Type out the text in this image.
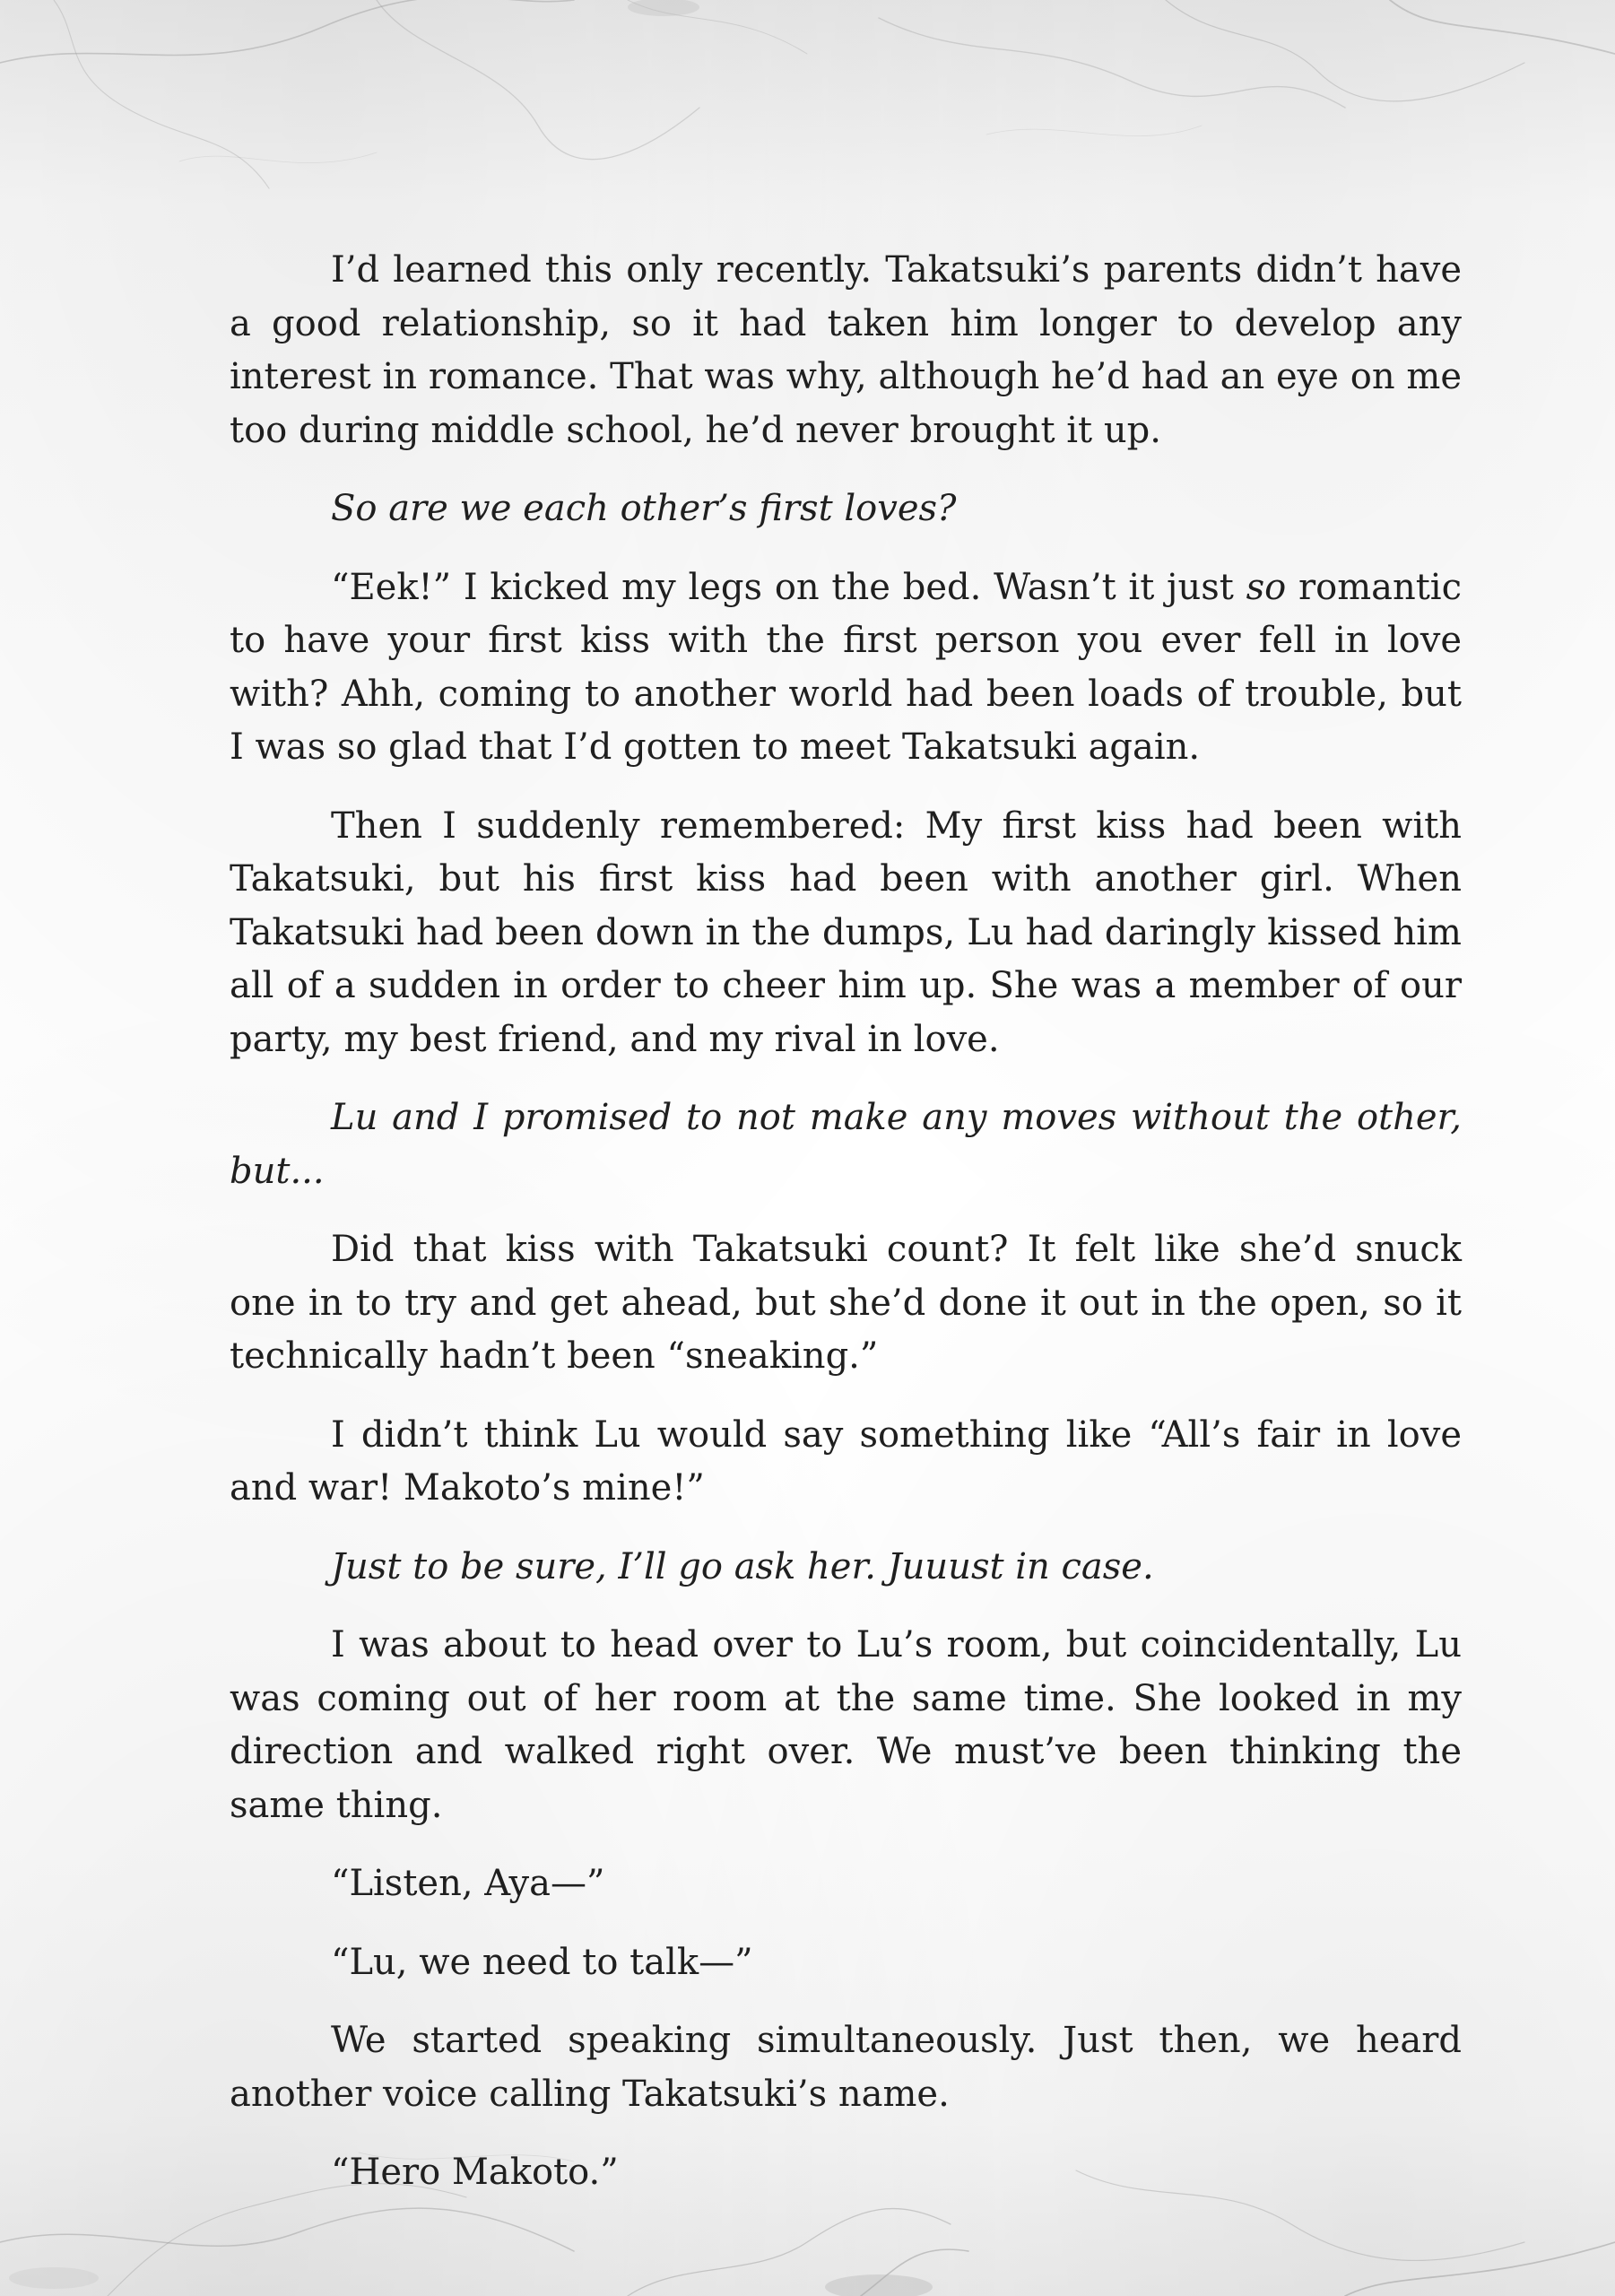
I’d learned this only recently. Takatsuki’s parents didn’t have a good relationship, so it had taken him longer to develop any interest in romance. That was why, although he’d had an eye on me too during middle school, he’d never brought it up.

So are we each other’s first loves?

“Eek!” I kicked my legs on the bed. Wasn’t it just so romantic to have your first kiss with the first person you ever fell in love with? Ahh, coming to another world had been loads of trouble, but I was so glad that I’d gotten to meet Takatsuki again.

Then I suddenly remembered: My first kiss had been with Takatsuki, but his first kiss had been with another girl. When Takatsuki had been down in the dumps, Lu had daringly kissed him all of a sudden in order to cheer him up. She was a member of our party, my best friend, and my rival in love.

Lu and I promised to not make any moves without the other, but...

Did that kiss with Takatsuki count? It felt like she’d snuck one in to try and get ahead, but she’d done it out in the open, so it technically hadn’t been “sneaking.”

I didn’t think Lu would say something like “All’s fair in love and war! Makoto’s mine!”

Just to be sure, I’ll go ask her. Juuust in case.

I was about to head over to Lu’s room, but coincidentally, Lu was coming out of her room at the same time. She looked in my direction and walked right over. We must’ve been thinking the same thing.

“Listen, Aya—”

“Lu, we need to talk—”

We started speaking simultaneously. Just then, we heard another voice calling Takatsuki’s name.

“Hero Makoto.”
